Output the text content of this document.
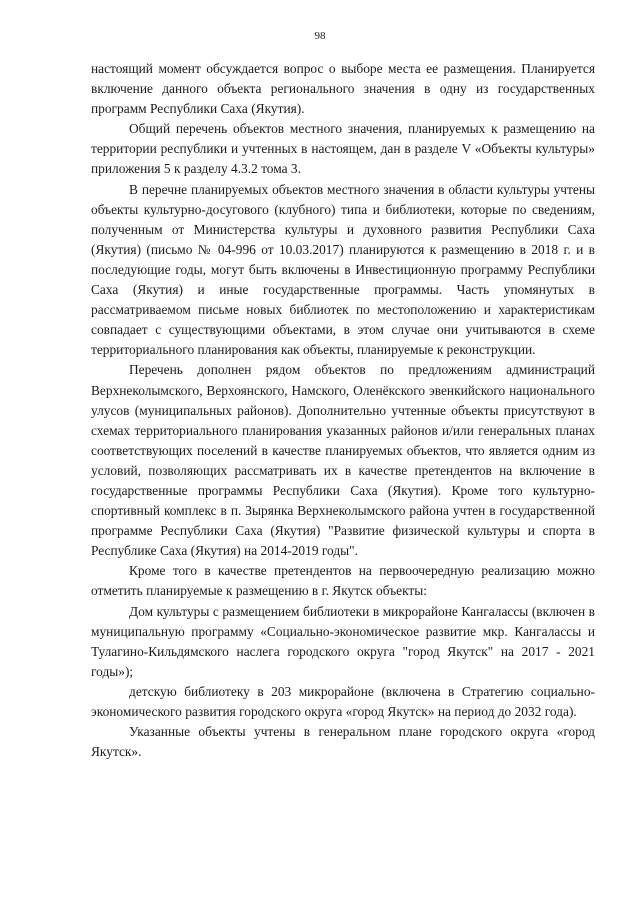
98

настоящий момент обсуждается вопрос о выборе места ее размещения. Планируется включение данного объекта регионального значения в одну из государственных программ Республики Саха (Якутия).

Общий перечень объектов местного значения, планируемых к размещению на территории республики и учтенных в настоящем, дан в разделе V «Объекты культуры» приложения 5 к разделу 4.3.2 тома 3.

В перечне планируемых объектов местного значения в области культуры учтены объекты культурно-досугового (клубного) типа и библиотеки, которые по сведениям, полученным от Министерства культуры и духовного развития Республики Саха (Якутия) (письмо № 04-996 от 10.03.2017) планируются к размещению в 2018 г. и в последующие годы, могут быть включены в Инвестиционную программу Республики Саха (Якутия) и иные государственные программы. Часть упомянутых в рассматриваемом письме новых библиотек по местоположению и характеристикам совпадает с существующими объектами, в этом случае они учитываются в схеме территориального планирования как объекты, планируемые к реконструкции.

Перечень дополнен рядом объектов по предложениям администраций Верхнеколымского, Верхоянского, Намского, Оленёкского эвенкийского национального улусов (муниципальных районов). Дополнительно учтенные объекты присутствуют в схемах территориального планирования указанных районов и/или генеральных планах соответствующих поселений в качестве планируемых объектов, что является одним из условий, позволяющих рассматривать их в качестве претендентов на включение в государственные программы Республики Саха (Якутия). Кроме того культурно-спортивный комплекс в п. Зырянка Верхнеколымского района учтен в государственной программе Республики Саха (Якутия) "Развитие физической культуры и спорта в Республике Саха (Якутия) на 2014-2019 годы".

Кроме того в качестве претендентов на первоочередную реализацию можно отметить планируемые к размещению в г. Якутск объекты:

Дом культуры с размещением библиотеки в микрорайоне Кангалассы (включен в муниципальную программу «Социально-экономическое развитие мкр. Кангалассы и Тулагино-Кильдямского наслега городского округа "город Якутск" на 2017 - 2021 годы»);

детскую библиотеку в 203 микрорайоне (включена в Стратегию социально-экономического развития городского округа «город Якутск» на период до 2032 года).

Указанные объекты учтены в генеральном плане городского округа «город Якутск».
